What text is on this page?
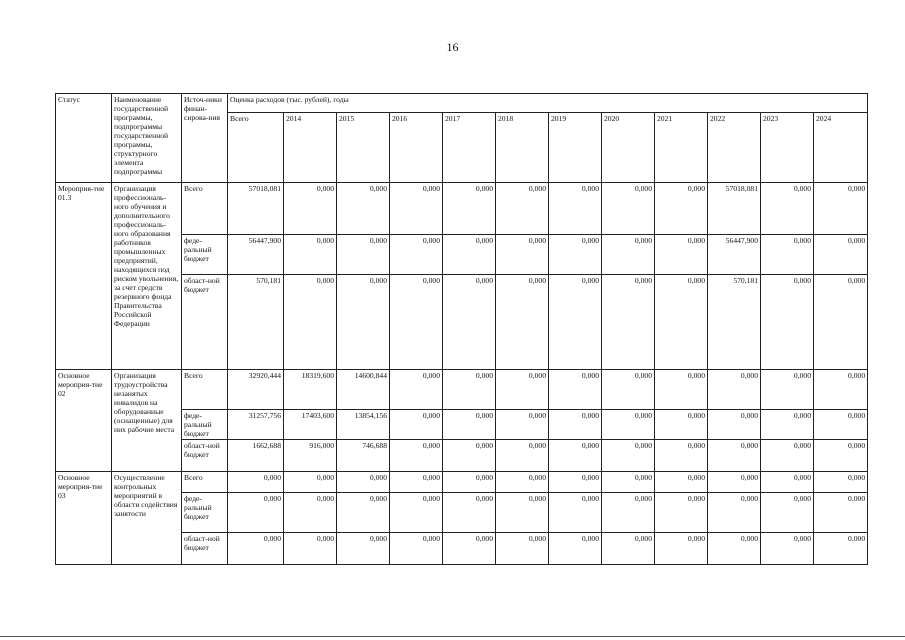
16
Статус	Наименование государственной программы, подпрограммы государственной программы, структурного элемента подпрограммы	Источ-ники финан-сирова-ния	Оценка расходов (тыс. рублей), годы											
			Всего	2014	2015	2016	2017	2018	2019	2020	2021	2022	2023	2024
Мероприя-тие 01.3	Организация профессиональ-ного обучения и дополнительного профессиональ-ного образования работников промышленных предприятий, находящихся под риском увольнения, за счет средств резервного фонда Правительства Российской Федерации	Всего	57018,081	0,000	0,000	0,000	0,000	0,000	0,000	0,000	0,000	57018,081	0,000	0,000
		феде-ральный бюджет	56447,900	0,000	0,000	0,000	0,000	0,000	0,000	0,000	0,000	56447,900	0,000	0,000
		област-ной бюджет	570,181	0,000	0,000	0,000	0,000	0,000	0,000	0,000	0,000	570,181	0,000	0,000
Основное мероприя-тие 02	Организация трудоустройства незанятых инвалидов на оборудованные (оснащенные) для них рабочие места	Всего	32920,444	18319,600	14600,844	0,000	0,000	0,000	0,000	0,000	0,000	0,000	0,000	0,000
		феде-ральный бюджет	31257,756	17403,600	13854,156	0,000	0,000	0,000	0,000	0,000	0,000	0,000	0,000	0,000
		област-ной бюджет	1662,688	916,000	746,688	0,000	0,000	0,000	0,000	0,000	0,000	0,000	0,000	0,000
Основное мероприя-тие 03	Осуществление контрольных мероприятий в области содействия занятости	Всего	0,000	0,000	0,000	0,000	0,000	0,000	0,000	0,000	0,000	0,000	0,000	0,000
		феде-ральный бюджет	0,000	0,000	0,000	0,000	0,000	0,000	0,000	0,000	0,000	0,000	0,000	0,000
		област-ной бюджет	0,000	0,000	0,000	0,000	0,000	0,000	0,000	0,000	0,000	0,000	0,000	0,000
